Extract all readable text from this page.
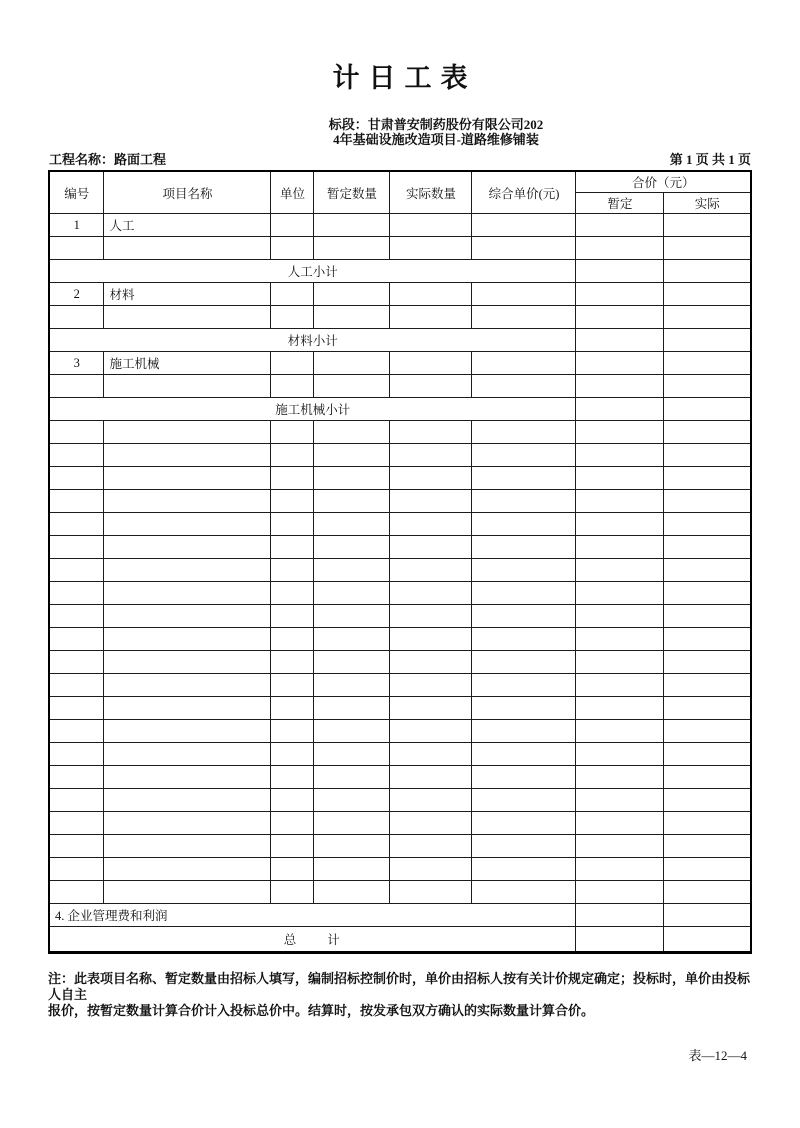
计日工表
标段：甘肃普安制药股份有限公司202
4年基础设施改造项目-道路维修铺装
工程名称：路面工程	第 1 页 共 1 页
编号	项目名称	单位	暂定数量	实际数量	综合单价(元)	合价（元）	
						暂定	实际
1	人工						

人工小计							
2	材料						

材料小计							
3	施工机械						

施工机械小计							

4. 企业管理费和利润							
总　　计							
注：此表项目名称、暂定数量由招标人填写，编制招标控制价时，单价由招标人按有关计价规定确定；投标时，单价由投标人自主
报价，按暂定数量计算合价计入投标总价中。结算时，按发承包双方确认的实际数量计算合价。
表—12—4
